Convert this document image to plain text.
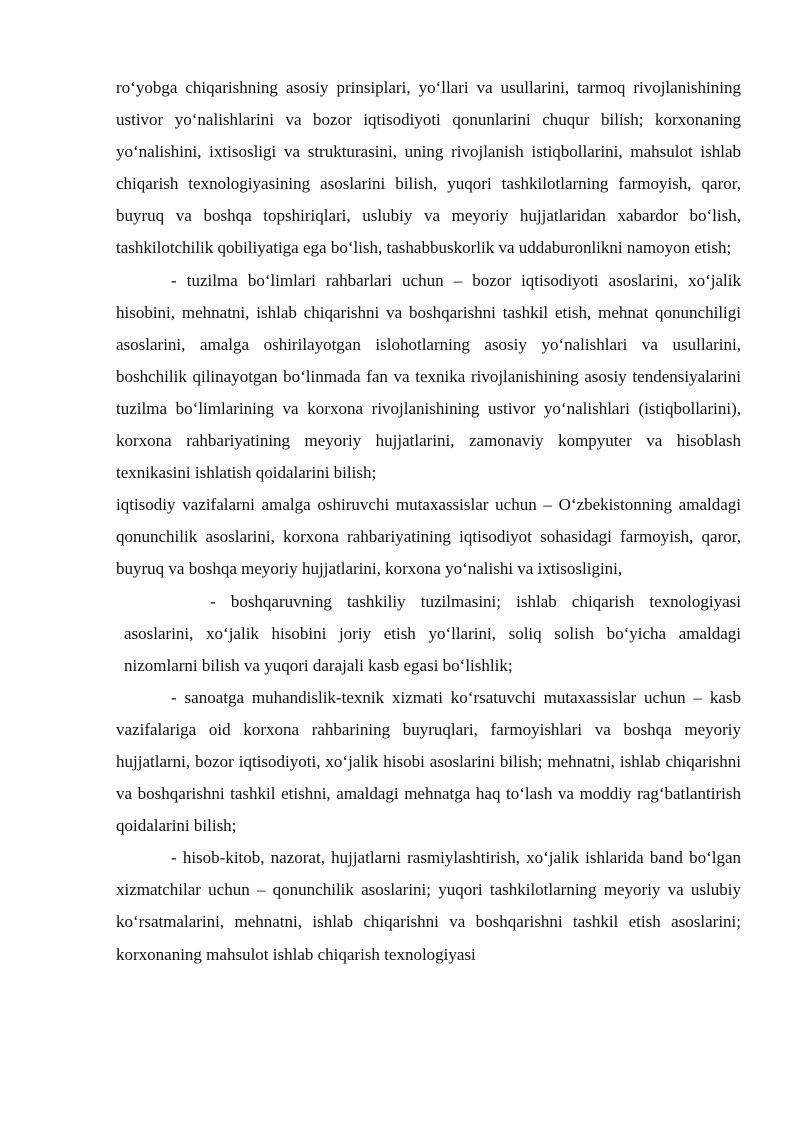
ro‘yobga chiqarishning asosiy prinsiplari, yo‘llari va usullarini, tarmoq rivojlanishining ustivor yo‘nalishlarini va bozor iqtisodiyoti qonunlarini chuqur bilish; korxonaning yo‘nalishini, ixtisosligi va strukturasini, uning rivojlanish istiqbollarini, mahsulot ishlab chiqarish texnologiyasining asoslarini bilish, yuqori tashkilotlarning farmoyish, qaror, buyruq va boshqa topshiriqlari, uslubiy va meyoriy hujjatlaridan xabardor bo‘lish, tashkilotchilik qobiliyatiga ega bo‘lish, tashabbuskorlik va uddaburonlikni namoyon etish;

- tuzilma bo‘limlari rahbarlari uchun – bozor iqtisodiyoti asoslarini, xo‘jalik hisobini, mehnatni, ishlab chiqarishni va boshqarishni tashkil etish, mehnat qonunchiligi asoslarini, amalga oshirilayotgan islohotlarning asosiy yo‘nalishlari va usullarini, boshchilik qilinayotgan bo‘linmada fan va texnika rivojlanishining asosiy tendensiyalarini tuzilma bo‘limlarining va korxona rivojlanishining ustivor yo‘nalishlari (istiqbollarini), korxona rahbariyatining meyoriy hujjatlarini, zamonaviy kompyuter va hisoblash texnikasini ishlatish qoidalarini bilish;

iqtisodiy vazifalarni amalga oshiruvchi mutaxassislar uchun – O‘zbekistonning amaldagi qonunchilik asoslarini, korxona rahbariyatining iqtisodiyot sohasidagi farmoyish, qaror, buyruq va boshqa meyoriy hujjatlarini, korxona yo‘nalishi va ixtisosligini,

- boshqaruvning tashkiliy tuzilmasini; ishlab chiqarish texnologiyasi asoslarini, xo‘jalik hisobini joriy etish yo‘llarini, soliq solish bo‘yicha amaldagi nizomlarni bilish va yuqori darajali kasb egasi bo‘lishlik;

- sanoatga muhandislik-texnik xizmati ko‘rsatuvchi mutaxassislar uchun – kasb vazifalariga oid korxona rahbarining buyruqlari, farmoyishlari va boshqa meyoriy hujjatlarni, bozor iqtisodiyoti, xo‘jalik hisobi asoslarini bilish; mehnatni, ishlab chiqarishni va boshqarishni tashkil etishni, amaldagi mehnatga haq to‘lash va moddiy rag‘batlantirish qoidalarini bilish;

- hisob-kitob, nazorat, hujjatlarni rasmiylashtirish, xo‘jalik ishlarida band bo‘lgan xizmatchilar uchun – qonunchilik asoslarini; yuqori tashkilotlarning meyoriy va uslubiy ko‘rsatmalarini, mehnatni, ishlab chiqarishni va boshqarishni tashkil etish asoslarini; korxonaning mahsulot ishlab chiqarish texnologiyasi
